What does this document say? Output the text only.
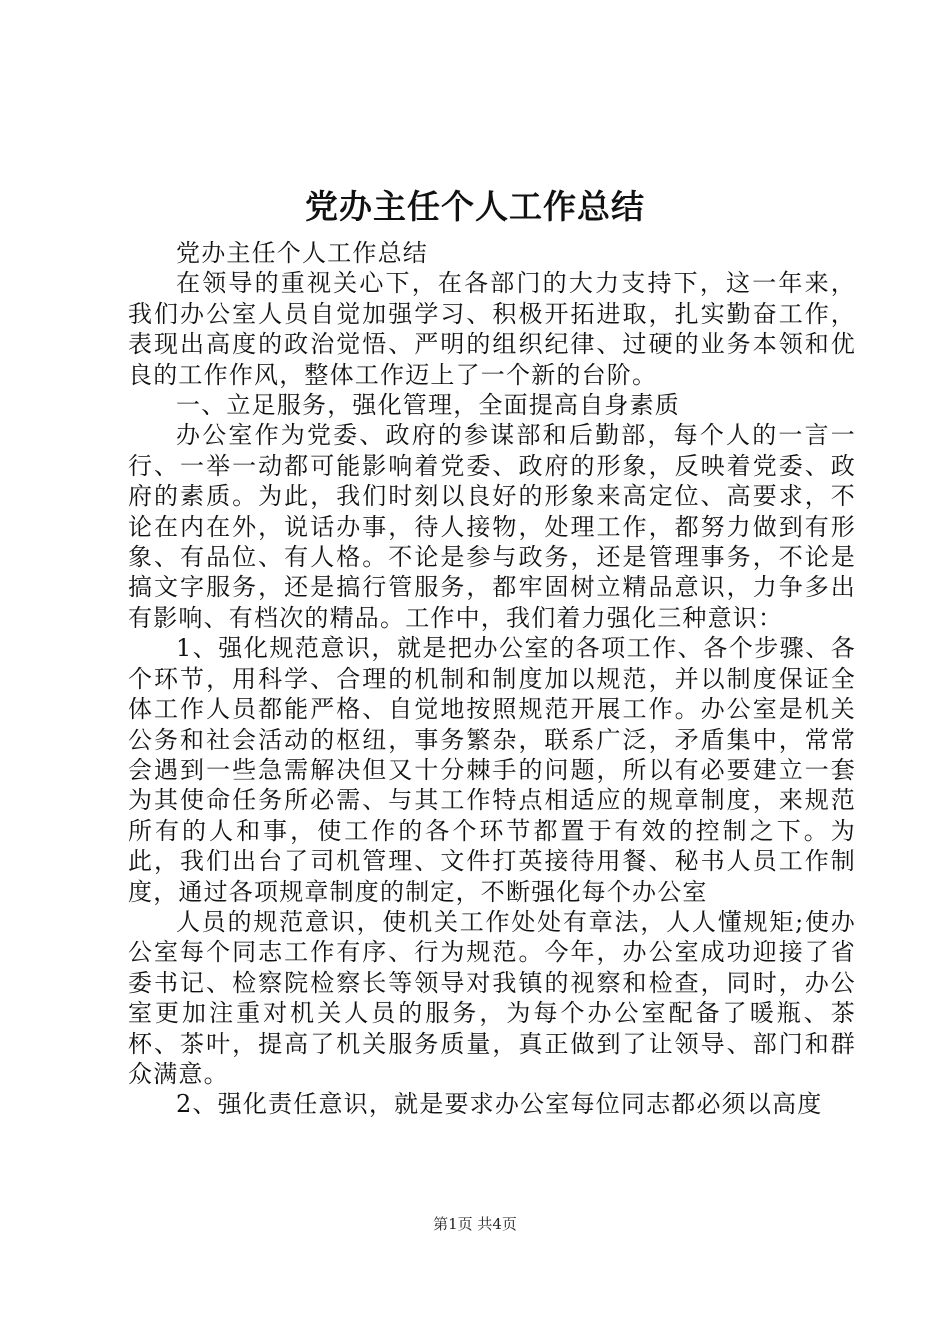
党办主任个人工作总结

党办主任个人工作总结

在领导的重视关心下，在各部门的大力支持下，这一年来，我们办公室人员自觉加强学习、积极开拓进取，扎实勤奋工作，表现出高度的政治觉悟、严明的组织纪律、过硬的业务本领和优良的工作作风，整体工作迈上了一个新的台阶。

一、立足服务，强化管理，全面提高自身素质

办公室作为党委、政府的参谋部和后勤部，每个人的一言一行、一举一动都可能影响着党委、政府的形象，反映着党委、政府的素质。为此，我们时刻以良好的形象来高定位、高要求，不论在内在外，说话办事，待人接物，处理工作，都努力做到有形象、有品位、有人格。不论是参与政务，还是管理事务，不论是搞文字服务，还是搞行管服务，都牢固树立精品意识，力争多出有影响、有档次的精品。工作中，我们着力强化三种意识：

1、强化规范意识，就是把办公室的各项工作、各个步骤、各个环节，用科学、合理的机制和制度加以规范，并以制度保证全体工作人员都能严格、自觉地按照规范开展工作。办公室是机关公务和社会活动的枢纽，事务繁杂，联系广泛，矛盾集中，常常会遇到一些急需解决但又十分棘手的问题，所以有必要建立一套为其使命任务所必需、与其工作特点相适应的规章制度，来规范所有的人和事，使工作的各个环节都置于有效的控制之下。为此，我们出台了司机管理、文件打英接待用餐、秘书人员工作制度，通过各项规章制度的制定，不断强化每个办公室

人员的规范意识，使机关工作处处有章法，人人懂规矩;使办公室每个同志工作有序、行为规范。今年，办公室成功迎接了省委书记、检察院检察长等领导对我镇的视察和检查，同时，办公室更加注重对机关人员的服务，为每个办公室配备了暖瓶、茶杯、茶叶，提高了机关服务质量，真正做到了让领导、部门和群众满意。

2、强化责任意识，就是要求办公室每位同志都必须以高度

第1页 共4页
